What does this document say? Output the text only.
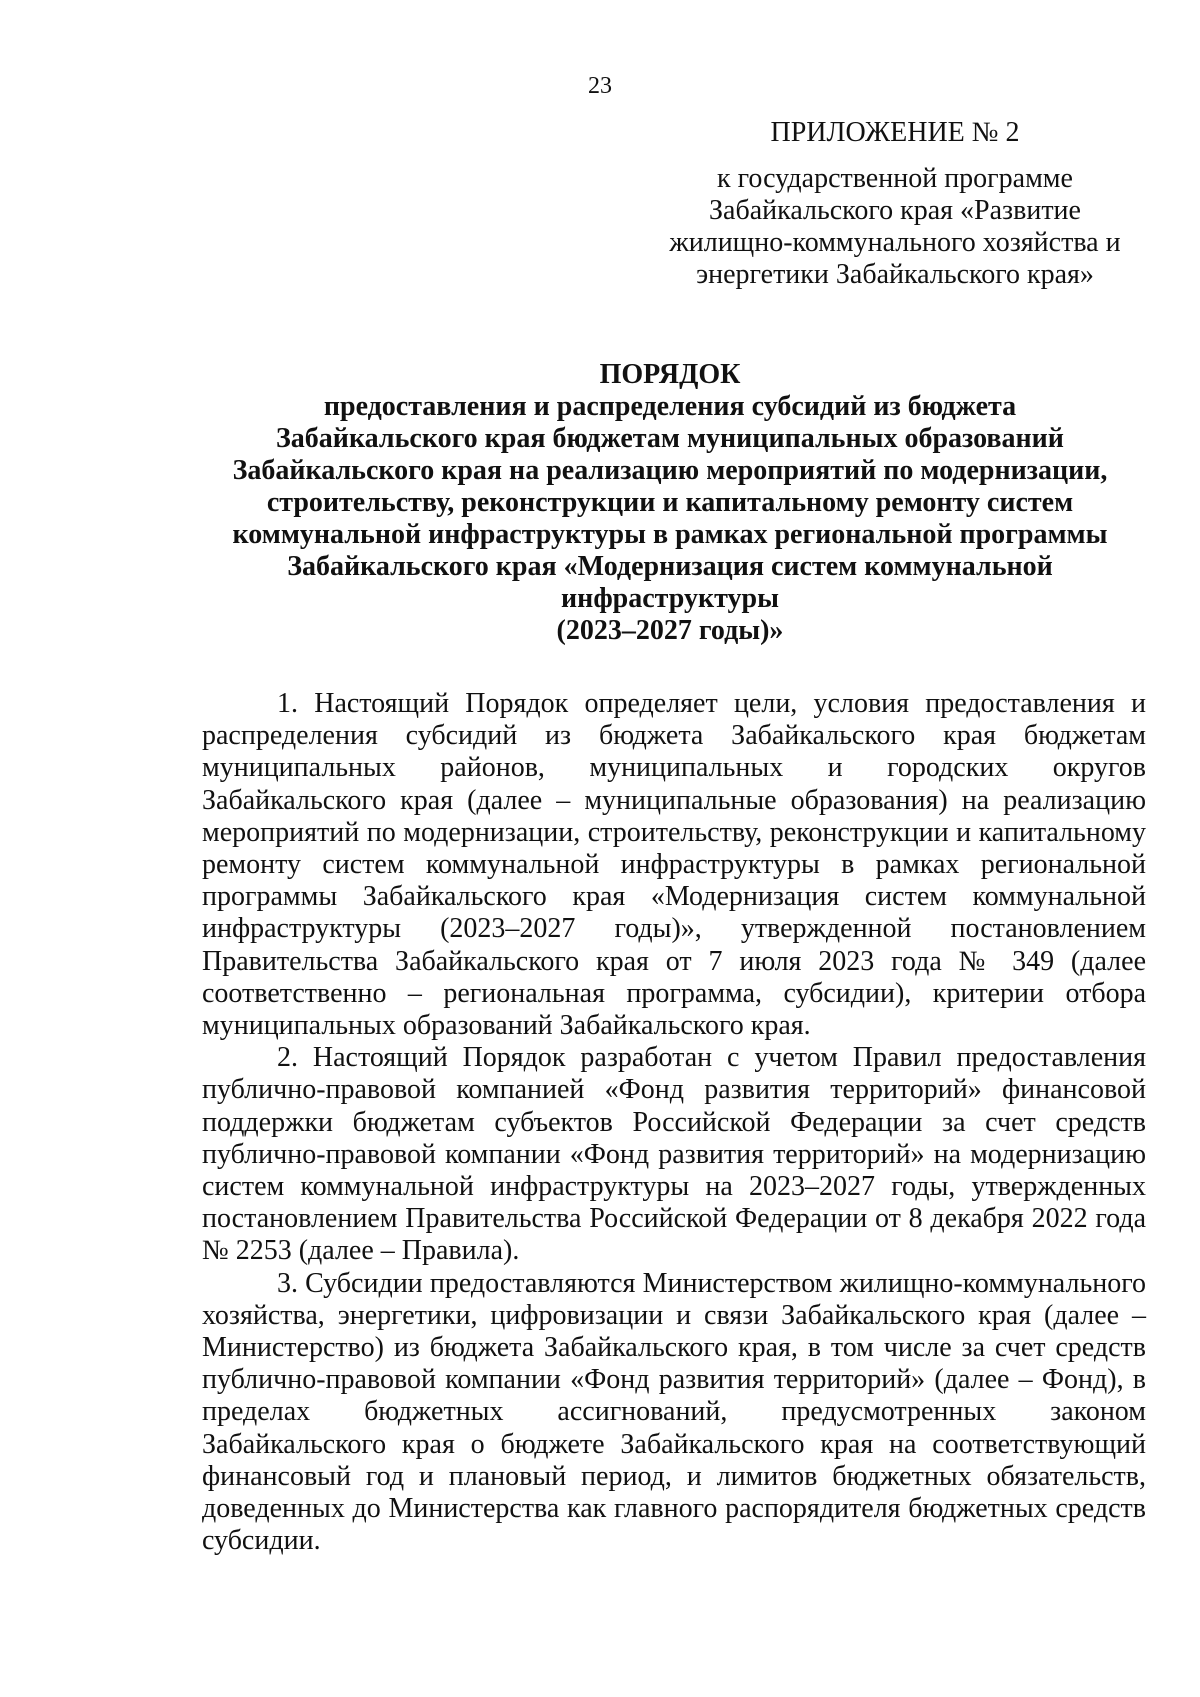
23
ПРИЛОЖЕНИЕ № 2
к государственной программе
Забайкальского края «Развитие
жилищно-коммунального хозяйства и
энергетики Забайкальского края»
ПОРЯДОК
предоставления и распределения субсидий из бюджета
Забайкальского края бюджетам муниципальных образований
Забайкальского края на реализацию мероприятий по модернизации,
строительству, реконструкции и капитальному ремонту систем
коммунальной инфраструктуры в рамках региональной программы
Забайкальского края «Модернизация систем коммунальной
инфраструктуры
(2023–2027 годы)»

1. Настоящий Порядок определяет цели, условия предоставления и распределения субсидий из бюджета Забайкальского края бюджетам муниципальных районов, муниципальных и городских округов Забайкальского края (далее – муниципальные образования) на реализацию мероприятий по модернизации, строительству, реконструкции и капитальному ремонту систем коммунальной инфраструктуры в рамках региональной программы Забайкальского края «Модернизация систем коммунальной инфраструктуры (2023–2027 годы)», утвержденной постановлением Правительства Забайкальского края от 7 июля 2023 года № 349 (далее соответственно – региональная программа, субсидии), критерии отбора муниципальных образований Забайкальского края.

2. Настоящий Порядок разработан с учетом Правил предоставления публично-правовой компанией «Фонд развития территорий» финансовой поддержки бюджетам субъектов Российской Федерации за счет средств публично-правовой компании «Фонд развития территорий» на модернизацию систем коммунальной инфраструктуры на 2023–2027 годы, утвержденных постановлением Правительства Российской Федерации от 8 декабря 2022 года № 2253 (далее – Правила).

3. Субсидии предоставляются Министерством жилищно-коммунального хозяйства, энергетики, цифровизации и связи Забайкальского края (далее – Министерство) из бюджета Забайкальского края, в том числе за счет средств публично-правовой компании «Фонд развития территорий» (далее – Фонд), в пределах бюджетных ассигнований, предусмотренных законом Забайкальского края о бюджете Забайкальского края на соответствующий финансовый год и плановый период, и лимитов бюджетных обязательств, доведенных до Министерства как главного распорядителя бюджетных средств субсидии.
